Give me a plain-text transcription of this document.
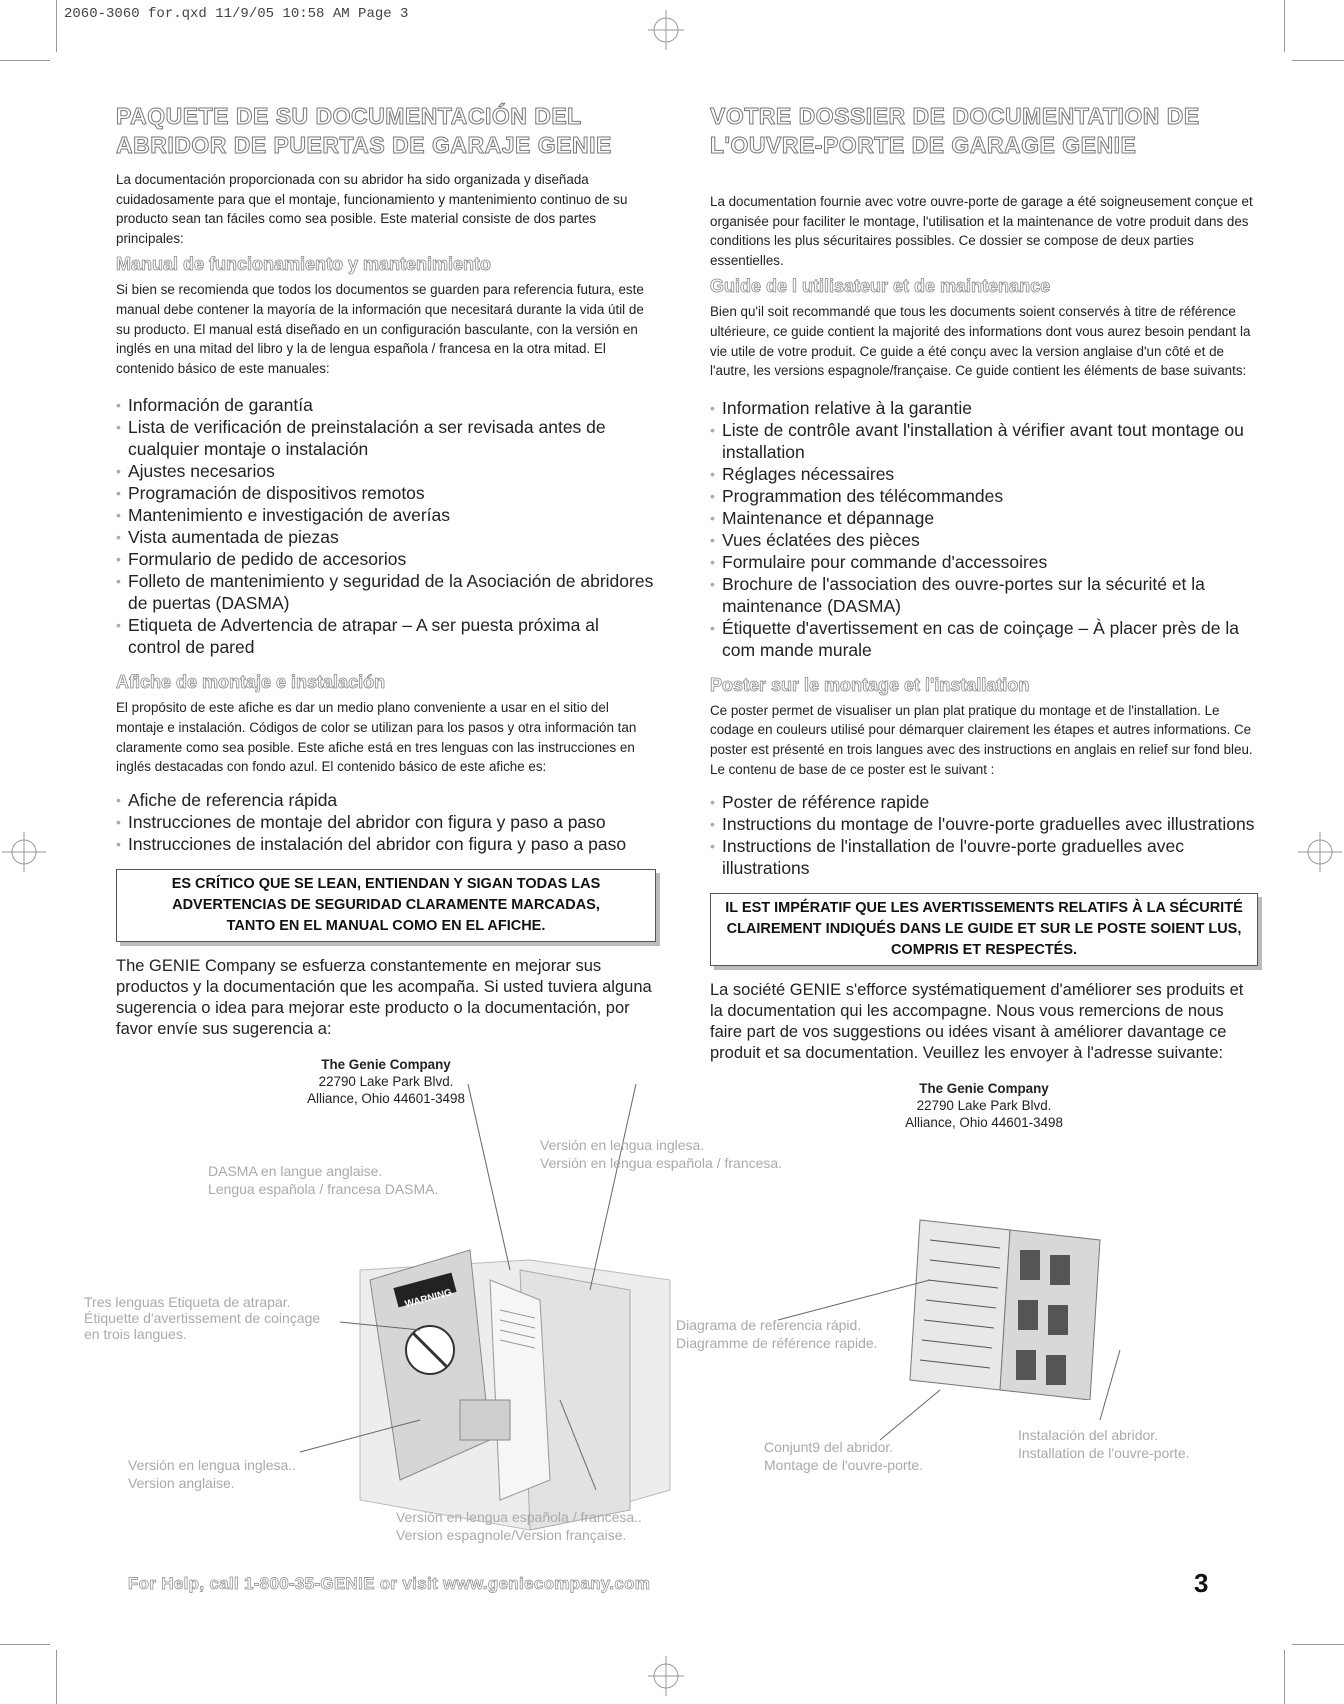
2060-3060 for.qxd 11/9/05 10:58 AM Page 3
PAQUETE DE SU DOCUMENTACIÓN DEL
ABRIDOR DE PUERTAS DE GARAJE GENIE

La documentación proporcionada con su abridor ha sido organizada y diseñada cuidadosamente para que el montaje, funcionamiento y mantenimiento continuo de su producto sean tan fáciles como sea posible. Este material consiste de dos partes principales:

Manual de funcionamiento y mantenimiento

Si bien se recomienda que todos los documentos se guarden para referencia futura, este manual debe contener la mayoría de la información que necesitará durante la vida útil de su producto. El manual está diseñado en un configuración basculante, con la versión en inglés en una mitad del libro y la de lengua española / francesa en la otra mitad. El contenido básico de este manuales:

• Información de garantía
• Lista de verificación de preinstalación a ser revisada antes de cualquier montaje o instalación
• Ajustes necesarios
• Programación de dispositivos remotos
• Mantenimiento e investigación de averías
• Vista aumentada de piezas
• Formulario de pedido de accesorios
• Folleto de mantenimiento y seguridad de la Asociación de abridores de puertas (DASMA)
• Etiqueta de Advertencia de atrapar – A ser puesta próxima al control de pared
Afiche de montaje e instalación

El propósito de este afiche es dar un medio plano conveniente a usar en el sitio del montaje e instalación. Códigos de color se utilizan para los pasos y otra información tan claramente como sea posible. Este afiche está en tres lenguas con las instrucciones en inglés destacadas con fondo azul. El contenido básico de este afiche es:

• Afiche de referencia rápida
• Instrucciones de montaje del abridor con figura y paso a paso
• Instrucciones de instalación del abridor con figura y paso a paso
ES CRÍTICO QUE SE LEAN, ENTIENDAN Y SIGAN TODAS LAS
ADVERTENCIAS DE SEGURIDAD CLARAMENTE MARCADAS,
TANTO EN EL MANUAL COMO EN EL AFICHE.

The GENIE Company se esfuerza constantemente en mejorar sus productos y la documentación que les acompaña. Si usted tuviera alguna sugerencia o idea para mejorar este producto o la documentación, por favor envíe sus sugerencia a:

The Genie Company
22790 Lake Park Blvd.
Alliance, Ohio 44601-3498
VOTRE DOSSIER DE DOCUMENTATION DE
L'OUVRE-PORTE DE GARAGE GENIE

La documentation fournie avec votre ouvre-porte de garage a été soigneusement conçue et organisée pour faciliter le montage, l'utilisation et la maintenance de votre produit dans des conditions les plus sécuritaires possibles. Ce dossier se compose de deux parties essentielles.

Guide de l utilisateur et de maintenance

Bien qu'il soit recommandé que tous les documents soient conservés à titre de référence ultérieure, ce guide contient la majorité des informations dont vous aurez besoin pendant la vie utile de votre produit. Ce guide a été conçu avec la version anglaise d'un côté et de l'autre, les versions espagnole/française. Ce guide contient les éléments de base suivants:

• Information relative à la garantie
• Liste de contrôle avant l'installation à vérifier avant tout montage ou installation
• Réglages nécessaires
• Programmation des télécommandes
• Maintenance et dépannage
• Vues éclatées des pièces
• Formulaire pour commande d'accessoires
• Brochure de l'association des ouvre-portes sur la sécurité et la maintenance (DASMA)
• Étiquette d'avertissement en cas de coinçage – À placer près de la com mande murale
Poster sur le montage et l'installation

Ce poster permet de visualiser un plan plat pratique du montage et de l'installation. Le codage en couleurs utilisé pour démarquer clairement les étapes et autres informations. Ce poster est présenté en trois langues avec des instructions en anglais en relief sur fond bleu. Le contenu de base de ce poster est le suivant :

• Poster de référence rapide
• Instructions du montage de l'ouvre-porte graduelles avec illustrations
• Instructions de l'installation de l'ouvre-porte graduelles avec illustrations
IL EST IMPÉRATIF QUE LES AVERTISSEMENTS RELATIFS À LA SÉCURITÉ
CLAIREMENT INDIQUÉS DANS LE GUIDE ET SUR LE POSTE SOIENT LUS,
COMPRIS ET RESPECTÉS.

La société GENIE s'efforce systématiquement d'améliorer ses produits et la documentation qui les accompagne. Nous vous remercions de nous faire part de vos suggestions ou idées visant à améliorer davantage ce produit et sa documentation. Veuillez les envoyer à l'adresse suivante:

The Genie Company
22790 Lake Park Blvd.
Alliance, Ohio 44601-3498
WARNING
DASMA en langue anglaise.
Lengua española / francesa DASMA.
Versión en lengua inglesa.
Versión en lengua española / francesa.
Tres lenguas Etiqueta de atrapar.
Étiquette d'avertissement de coinçage
en trois langues.
Diagrama de referencia rápid.
Diagramme de référence rapide.
Versión en lengua inglesa..
Version anglaise.
Conjunt9 del abridor.
Montage de l'ouvre-porte.
Instalación del abridor.
Installation de l'ouvre-porte.
Versión en lengua española / francesa..
Version espagnole/Version française.
For Help, call 1-800-35-GENIE or visit www.geniecompany.com	3
